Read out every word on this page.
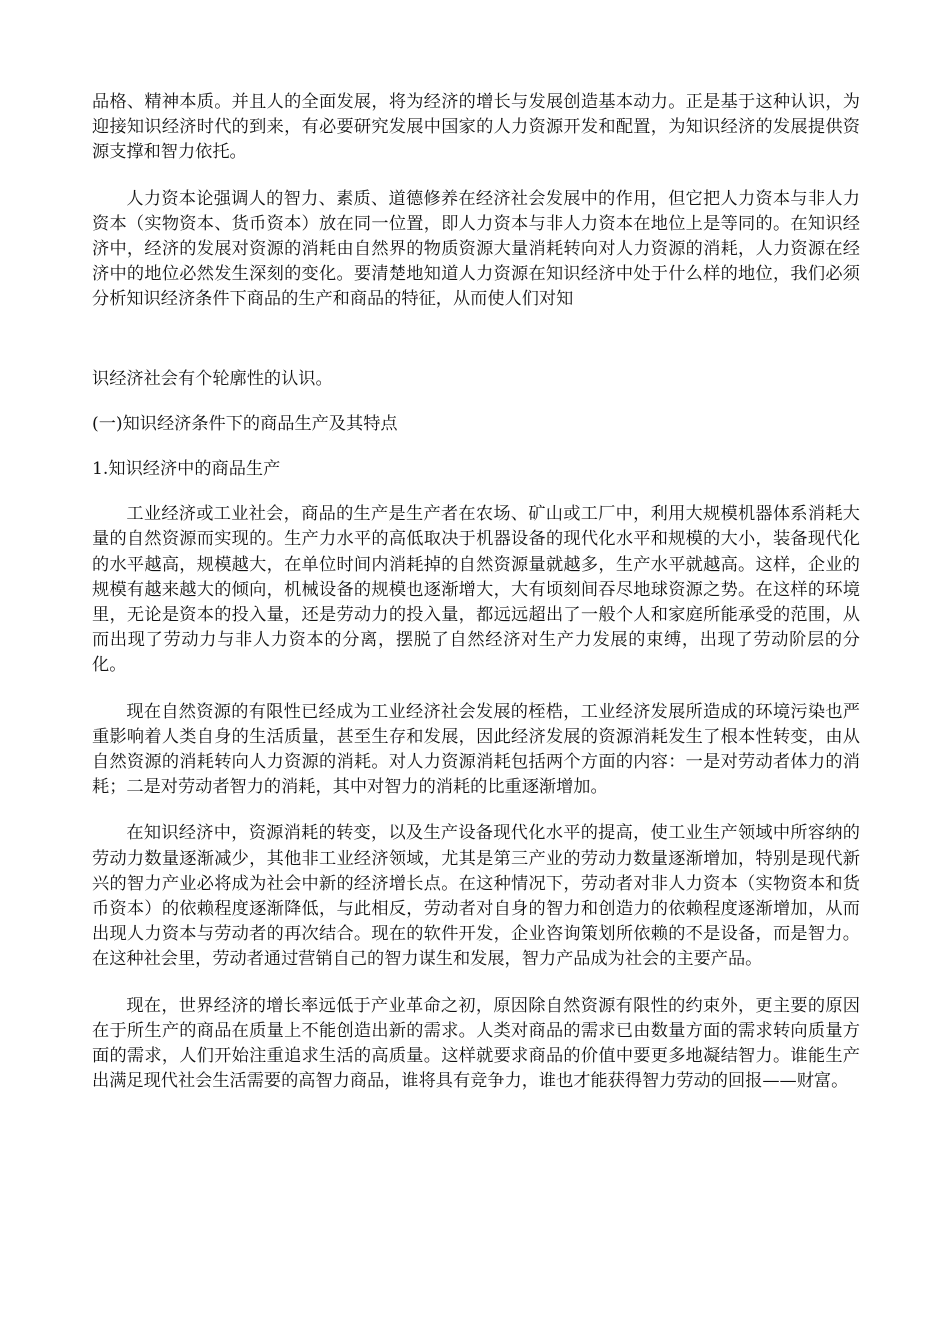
品格、精神本质。并且人的全面发展，将为经济的增长与发展创造基本动力。正是基于这种认识，为迎接知识经济时代的到来，有必要研究发展中国家的人力资源开发和配置，为知识经济的发展提供资源支撑和智力依托。

人力资本论强调人的智力、素质、道德修养在经济社会发展中的作用，但它把人力资本与非人力资本（实物资本、货币资本）放在同一位置，即人力资本与非人力资本在地位上是等同的。在知识经济中，经济的发展对资源的消耗由自然界的物质资源大量消耗转向对人力资源的消耗，人力资源在经济中的地位必然发生深刻的变化。要清楚地知道人力资源在知识经济中处于什么样的地位，我们必须分析知识经济条件下商品的生产和商品的特征，从而使人们对知

识经济社会有个轮廓性的认识。

(一)知识经济条件下的商品生产及其特点

1.知识经济中的商品生产

工业经济或工业社会，商品的生产是生产者在农场、矿山或工厂中，利用大规模机器体系消耗大量的自然资源而实现的。生产力水平的高低取决于机器设备的现代化水平和规模的大小，装备现代化的水平越高，规模越大，在单位时间内消耗掉的自然资源量就越多，生产水平就越高。这样，企业的规模有越来越大的倾向，机械设备的规模也逐渐增大，大有顷刻间吞尽地球资源之势。在这样的环境里，无论是资本的投入量，还是劳动力的投入量，都远远超出了一般个人和家庭所能承受的范围，从而出现了劳动力与非人力资本的分离，摆脱了自然经济对生产力发展的束缚，出现了劳动阶层的分化。

现在自然资源的有限性已经成为工业经济社会发展的桎梏，工业经济发展所造成的环境污染也严重影响着人类自身的生活质量，甚至生存和发展，因此经济发展的资源消耗发生了根本性转变，由从自然资源的消耗转向人力资源的消耗。对人力资源消耗包括两个方面的内容：一是对劳动者体力的消耗；二是对劳动者智力的消耗，其中对智力的消耗的比重逐渐增加。

在知识经济中，资源消耗的转变，以及生产设备现代化水平的提高，使工业生产领域中所容纳的劳动力数量逐渐减少，其他非工业经济领域，尤其是第三产业的劳动力数量逐渐增加，特别是现代新兴的智力产业必将成为社会中新的经济增长点。在这种情况下，劳动者对非人力资本（实物资本和货币资本）的依赖程度逐渐降低，与此相反，劳动者对自身的智力和创造力的依赖程度逐渐增加，从而出现人力资本与劳动者的再次结合。现在的软件开发，企业咨询策划所依赖的不是设备，而是智力。在这种社会里，劳动者通过营销自己的智力谋生和发展，智力产品成为社会的主要产品。

现在，世界经济的增长率远低于产业革命之初，原因除自然资源有限性的约束外，更主要的原因在于所生产的商品在质量上不能创造出新的需求。人类对商品的需求已由数量方面的需求转向质量方面的需求，人们开始注重追求生活的高质量。这样就要求商品的价值中要更多地凝结智力。谁能生产出满足现代社会生活需要的高智力商品，谁将具有竞争力，谁也才能获得智力劳动的回报——财富。
